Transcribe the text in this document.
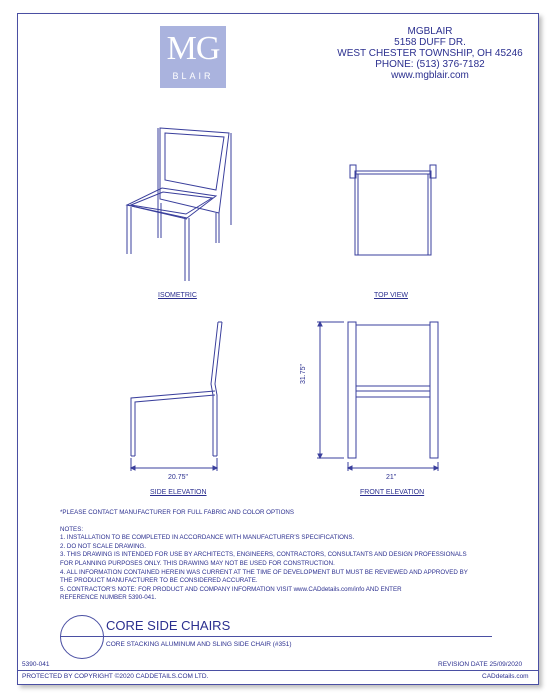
MG
BLAIR
MGBLAIR
5158 DUFF DR.
WEST CHESTER TOWNSHIP, OH 45246
PHONE: (513) 376-7182
www.mgblair.com
ISOMETRIC	TOP VIEW
SIDE ELEVATION	FRONT ELEVATION
20.75"	21"
31.75"
*PLEASE CONTACT MANUFACTURER FOR FULL FABRIC AND COLOR OPTIONS
NOTES:
1. INSTALLATION TO BE COMPLETED IN ACCORDANCE WITH MANUFACTURER'S SPECIFICATIONS.
2. DO NOT SCALE DRAWING.
3. THIS DRAWING IS INTENDED FOR USE BY ARCHITECTS, ENGINEERS, CONTRACTORS, CONSULTANTS AND DESIGN PROFESSIONALS
FOR PLANNING PURPOSES ONLY. THIS DRAWING MAY NOT BE USED FOR CONSTRUCTION.
4. ALL INFORMATION CONTAINED HEREIN WAS CURRENT AT THE TIME OF DEVELOPMENT BUT MUST BE REVIEWED AND APPROVED BY
THE PRODUCT MANUFACTURER TO BE CONSIDERED ACCURATE.
5. CONTRACTOR'S NOTE: FOR PRODUCT AND COMPANY INFORMATION VISIT www.CADdetails.com/info AND ENTER
REFERENCE NUMBER 5390-041.
CORE SIDE CHAIRS
CORE STACKING ALUMINUM AND SLING SIDE CHAIR (#351)
5390-041	REVISION DATE 25/09/2020
PROTECTED BY COPYRIGHT ©2020 CADDETAILS.COM LTD.	CADdetails.com
